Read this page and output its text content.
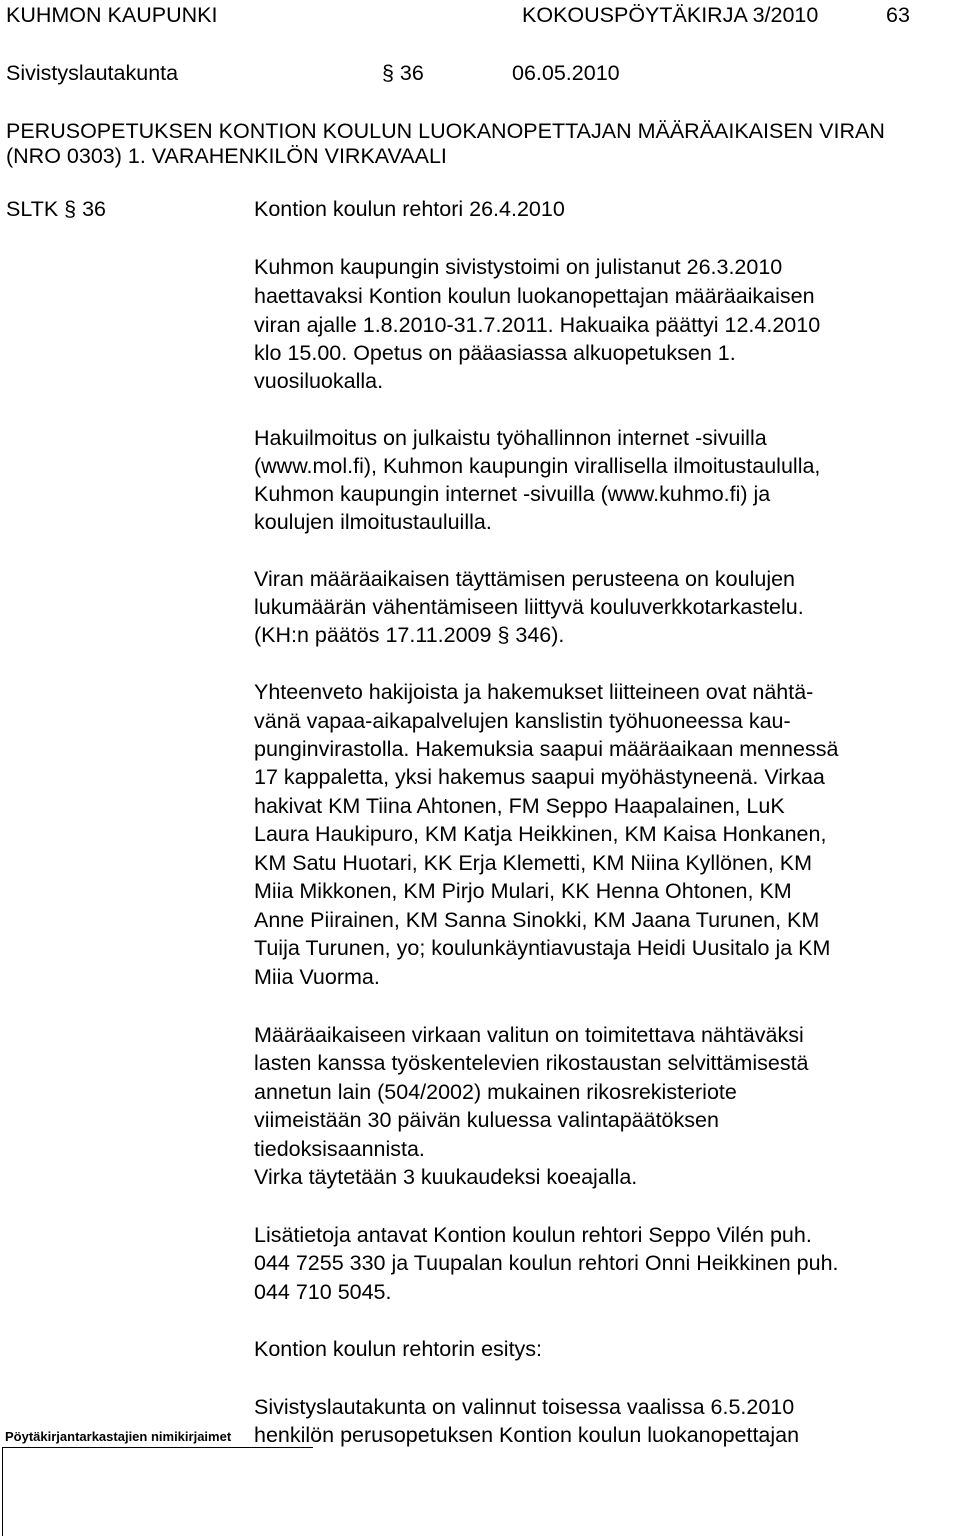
KUHMON KAUPUNKI	KOKOUSPÖYTÄKIRJA 3/2010	63
Sivistyslautakunta	§ 36	06.05.2010
PERUSOPETUKSEN KONTION KOULUN LUOKANOPETTAJAN MÄÄRÄAIKAISEN VIRAN
(NRO 0303) 1. VARAHENKILÖN VIRKAVAALI
SLTK § 36	Kontion koulun rehtori 26.4.2010
Kuhmon kaupungin sivistystoimi on julistanut 26.3.2010
haettavaksi Kontion koulun luokanopettajan määräaikaisen
viran ajalle 1.8.2010-31.7.2011. Hakuaika päättyi 12.4.2010
klo 15.00. Opetus on pääasiassa alkuopetuksen 1.
vuosiluokalla.
Hakuilmoitus on julkaistu työhallinnon internet -sivuilla
(www.mol.fi), Kuhmon kaupungin virallisella ilmoitustaululla,
Kuhmon kaupungin internet -sivuilla (www.kuhmo.fi) ja
koulujen ilmoitustauluilla.
Viran määräaikaisen täyttämisen perusteena on koulujen
lukumäärän vähentämiseen liittyvä kouluverkkotarkastelu.
(KH:n päätös 17.11.2009 § 346).
Yhteenveto hakijoista ja hakemukset liitteineen ovat nähtä-
vänä vapaa-aikapalvelujen kanslistin työhuoneessa kau-
punginvirastolla. Hakemuksia saapui määräaikaan mennessä
17 kappaletta, yksi hakemus saapui myöhästyneenä. Virkaa
hakivat KM Tiina Ahtonen, FM Seppo Haapalainen, LuK
Laura Haukipuro, KM Katja Heikkinen, KM Kaisa Honkanen,
KM Satu Huotari, KK Erja Klemetti, KM Niina Kyllönen, KM
Miia Mikkonen, KM Pirjo Mulari, KK Henna Ohtonen, KM
Anne Piirainen, KM Sanna Sinokki, KM Jaana Turunen, KM
Tuija Turunen, yo; koulunkäyntiavustaja Heidi Uusitalo ja KM
Miia Vuorma.
Määräaikaiseen virkaan valitun on toimitettava nähtäväksi
lasten kanssa työskentelevien rikostaustan selvittämisestä
annetun lain (504/2002) mukainen rikosrekisteriote
viimeistään 30 päivän kuluessa valintapäätöksen
tiedoksisaannista.
Virka täytetään 3 kuukaudeksi koeajalla.
Lisätietoja antavat Kontion koulun rehtori Seppo Vilén puh.
044 7255 330 ja Tuupalan koulun rehtori Onni Heikkinen puh.
044 710 5045.
Kontion koulun rehtorin esitys:
Sivistyslautakunta on valinnut toisessa vaalissa 6.5.2010
henkilön perusopetuksen Kontion koulun luokanopettajan
Pöytäkirjantarkastajien nimikirjaimet
